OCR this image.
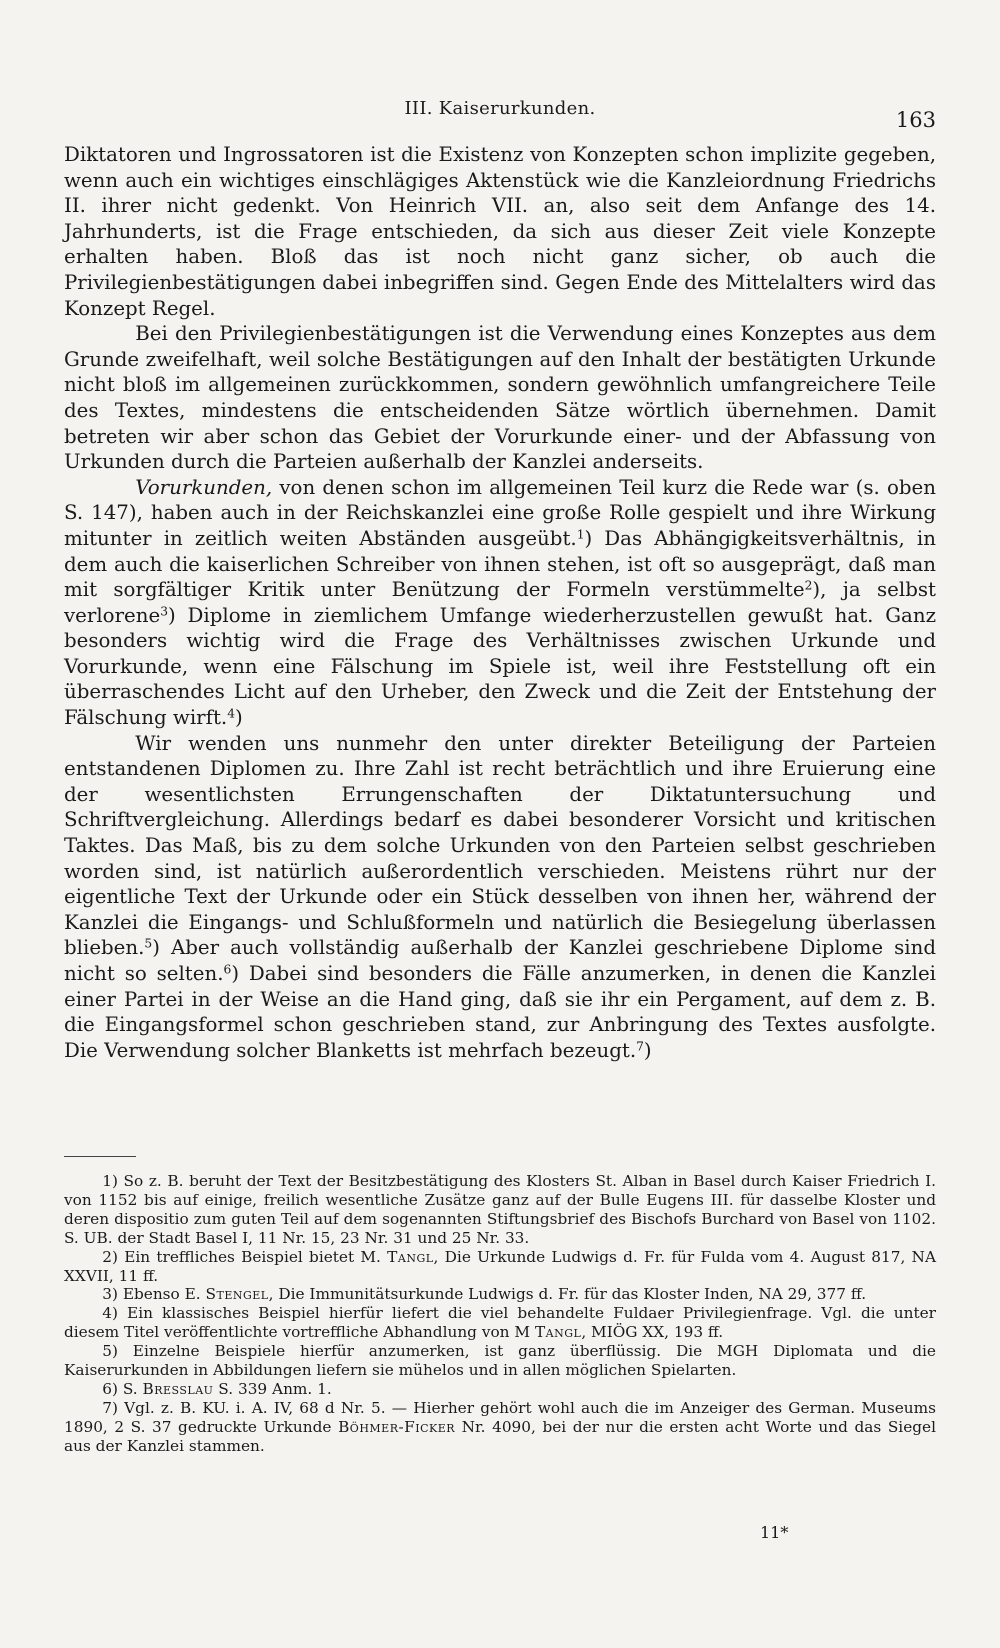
III. Kaiserurkunden.	163

Diktatoren und Ingrossatoren ist die Existenz von Konzepten schon implizite gegeben, wenn auch ein wichtiges einschlägiges Aktenstück wie die Kanzleiordnung Friedrichs II. ihrer nicht gedenkt. Von Heinrich VII. an, also seit dem Anfange des 14. Jahrhunderts, ist die Frage entschieden, da sich aus dieser Zeit viele Konzepte erhalten haben. Bloß das ist noch nicht ganz sicher, ob auch die Privilegienbestätigungen dabei inbegriffen sind. Gegen Ende des Mittelalters wird das Konzept Regel.

Bei den Privilegienbestätigungen ist die Verwendung eines Konzeptes aus dem Grunde zweifelhaft, weil solche Bestätigungen auf den Inhalt der bestätigten Urkunde nicht bloß im allgemeinen zurückkommen, sondern gewöhnlich umfangreichere Teile des Textes, mindestens die entscheidenden Sätze wörtlich übernehmen. Damit betreten wir aber schon das Gebiet der Vorurkunde einer- und der Abfassung von Urkunden durch die Parteien außerhalb der Kanzlei anderseits.

Vorurkunden, von denen schon im allgemeinen Teil kurz die Rede war (s. oben S. 147), haben auch in der Reichskanzlei eine große Rolle gespielt und ihre Wirkung mitunter in zeitlich weiten Abständen ausgeübt.$^1$) Das Abhängigkeitsverhältnis, in dem auch die kaiserlichen Schreiber von ihnen stehen, ist oft so ausgeprägt, daß man mit sorgfältiger Kritik unter Benützung der Formeln verstümmelte$^2$), ja selbst verlorene$^3$) Diplome in ziemlichem Umfange wiederherzustellen gewußt hat. Ganz besonders wichtig wird die Frage des Verhältnisses zwischen Urkunde und Vorurkunde, wenn eine Fälschung im Spiele ist, weil ihre Feststellung oft ein überraschendes Licht auf den Urheber, den Zweck und die Zeit der Entstehung der Fälschung wirft.$^4$)

Wir wenden uns nunmehr den unter direkter Beteiligung der Parteien entstandenen Diplomen zu. Ihre Zahl ist recht beträchtlich und ihre Eruierung eine der wesentlichsten Errungenschaften der Diktatuntersuchung und Schriftvergleichung. Allerdings bedarf es dabei besonderer Vorsicht und kritischen Taktes. Das Maß, bis zu dem solche Urkunden von den Parteien selbst geschrieben worden sind, ist natürlich außerordentlich verschieden. Meistens rührt nur der eigentliche Text der Urkunde oder ein Stück desselben von ihnen her, während der Kanzlei die Eingangs- und Schlußformeln und natürlich die Besiegelung überlassen blieben.$^5$) Aber auch vollständig außerhalb der Kanzlei geschriebene Diplome sind nicht so selten.$^6$) Dabei sind besonders die Fälle anzumerken, in denen die Kanzlei einer Partei in der Weise an die Hand ging, daß sie ihr ein Pergament, auf dem z. B. die Eingangsformel schon geschrieben stand, zur Anbringung des Textes ausfolgte. Die Verwendung solcher Blanketts ist mehrfach bezeugt.$^7$)

1) So z. B. beruht der Text der Besitzbestätigung des Klosters St. Alban in Basel durch Kaiser Friedrich I. von 1152 bis auf einige, freilich wesentliche Zusätze ganz auf der Bulle Eugens III. für dasselbe Kloster und deren dispositio zum guten Teil auf dem sogenannten Stiftungsbrief des Bischofs Burchard von Basel von 1102. S. UB. der Stadt Basel I, 11 Nr. 15, 23 Nr. 31 und 25 Nr. 33.

2) Ein treffliches Beispiel bietet M. Tangl, Die Urkunde Ludwigs d. Fr. für Fulda vom 4. August 817, NA XXVII, 11 ff.

3) Ebenso E. Stengel, Die Immunitätsurkunde Ludwigs d. Fr. für das Kloster Inden, NA 29, 377 ff.

4) Ein klassisches Beispiel hierfür liefert die viel behandelte Fuldaer Privilegienfrage. Vgl. die unter diesem Titel veröffentlichte vortreffliche Abhandlung von M Tangl, MIÖG XX, 193 ff.

5) Einzelne Beispiele hierfür anzumerken, ist ganz überflüssig. Die MGH Diplomata und die Kaiserurkunden in Abbildungen liefern sie mühelos und in allen möglichen Spielarten.

6) S. Bresslau S. 339 Anm. 1.

7) Vgl. z. B. KU. i. A. IV, 68 d Nr. 5. — Hierher gehört wohl auch die im Anzeiger des German. Museums 1890, 2 S. 37 gedruckte Urkunde Böhmer-Ficker Nr. 4090, bei der nur die ersten acht Worte und das Siegel aus der Kanzlei stammen.

11*
